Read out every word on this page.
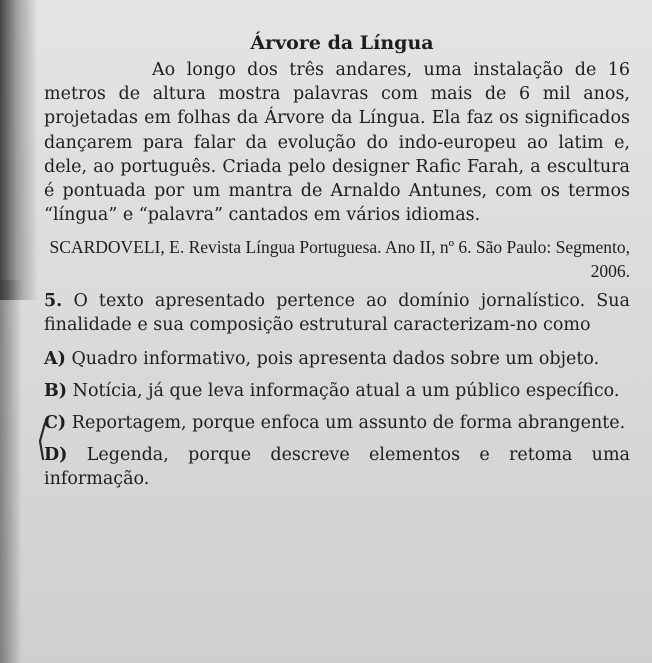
Árvore da Língua

Ao longo dos três andares, uma instalação de 16 metros de altura mostra palavras com mais de 6 mil anos, projetadas em folhas da Árvore da Língua. Ela faz os significados dançarem para falar da evolução do indo-europeu ao latim e, dele, ao português. Criada pelo designer Rafic Farah, a escultura é pontuada por um mantra de Arnaldo Antunes, com os termos “língua” e “palavra” cantados em vários idiomas.

SCARDOVELI, E. Revista Língua Portuguesa. Ano II, nº 6. São Paulo: Segmento, 2006.

5. O texto apresentado pertence ao domínio jornalístico. Sua finalidade e sua composição estrutural caracterizam-no como

A) Quadro informativo, pois apresenta dados sobre um objeto.

B) Notícia, já que leva informação atual a um público específico.

C) Reportagem, porque enfoca um assunto de forma abrangente.

D) Legenda, porque descreve elementos e retoma uma informação.
